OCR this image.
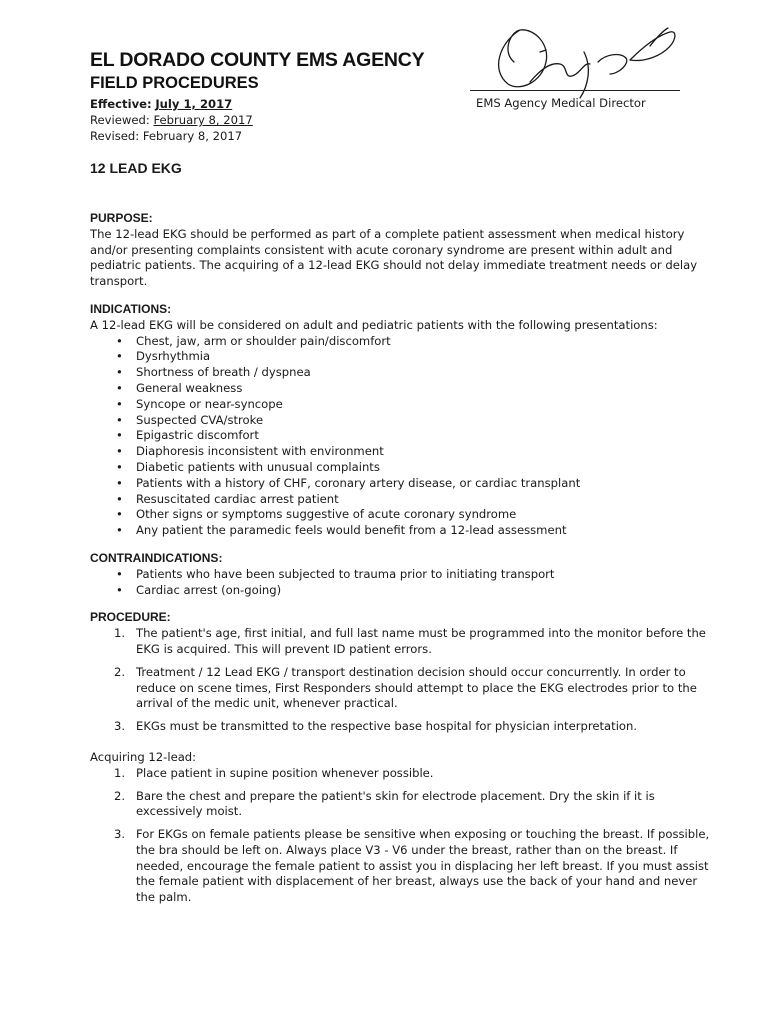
EL DORADO COUNTY EMS AGENCY
FIELD PROCEDURES
Effective: July 1, 2017
Reviewed: February 8, 2017
Revised: February 8, 2017
EMS Agency Medical Director
12 LEAD EKG
PURPOSE:

The 12-lead EKG should be performed as part of a complete patient assessment when medical history and/or presenting complaints consistent with acute coronary syndrome are present within adult and pediatric patients. The acquiring of a 12-lead EKG should not delay immediate treatment needs or delay transport.

INDICATIONS:

A 12-lead EKG will be considered on adult and pediatric patients with the following presentations:

• Chest, jaw, arm or shoulder pain/discomfort
• Dysrhythmia
• Shortness of breath / dyspnea
• General weakness
• Syncope or near-syncope
• Suspected CVA/stroke
• Epigastric discomfort
• Diaphoresis inconsistent with environment
• Diabetic patients with unusual complaints
• Patients with a history of CHF, coronary artery disease, or cardiac transplant
• Resuscitated cardiac arrest patient
• Other signs or symptoms suggestive of acute coronary syndrome
• Any patient the paramedic feels would benefit from a 12-lead assessment
CONTRAINDICATIONS:
• Patients who have been subjected to trauma prior to initiating transport
• Cardiac arrest (on-going)
PROCEDURE:
1. The patient's age, first initial, and full last name must be programmed into the monitor before the EKG is acquired. This will prevent ID patient errors.
2. Treatment / 12 Lead EKG / transport destination decision should occur concurrently. In order to reduce on scene times, First Responders should attempt to place the EKG electrodes prior to the arrival of the medic unit, whenever practical.
3. EKGs must be transmitted to the respective base hospital for physician interpretation.
Acquiring 12-lead:
1. Place patient in supine position whenever possible.
2. Bare the chest and prepare the patient's skin for electrode placement. Dry the skin if it is excessively moist.
3. For EKGs on female patients please be sensitive when exposing or touching the breast. If possible, the bra should be left on. Always place V3 - V6 under the breast, rather than on the breast. If needed, encourage the female patient to assist you in displacing her left breast. If you must assist the female patient with displacement of her breast, always use the back of your hand and never the palm.
